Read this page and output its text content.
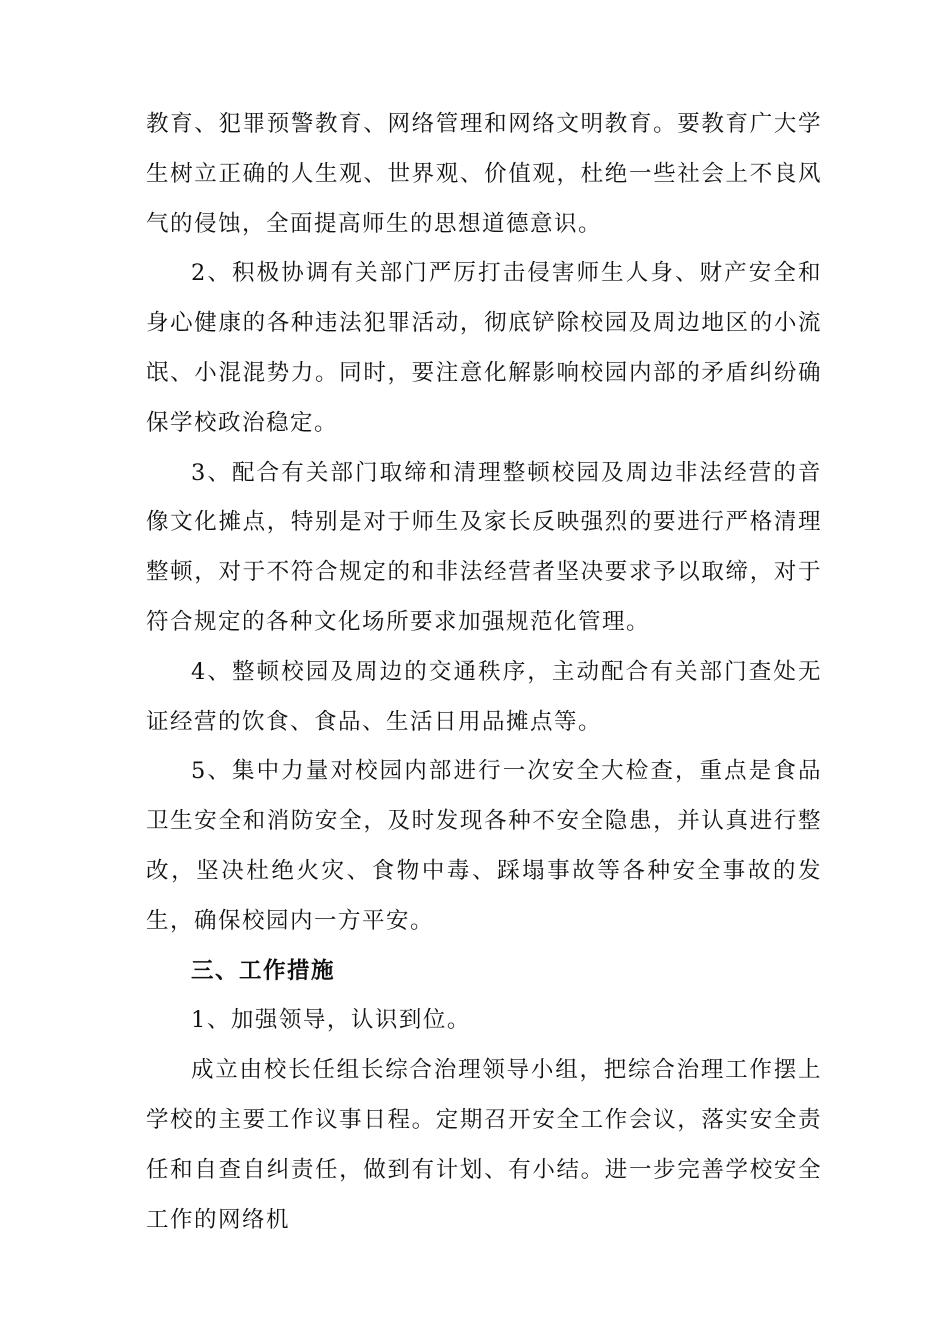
教育、犯罪预警教育、网络管理和网络文明教育。要教育广大学生树立正确的人生观、世界观、价值观，杜绝一些社会上不良风气的侵蚀，全面提高师生的思想道德意识。

2、积极协调有关部门严厉打击侵害师生人身、财产安全和身心健康的各种违法犯罪活动，彻底铲除校园及周边地区的小流氓、小混混势力。同时，要注意化解影响校园内部的矛盾纠纷确保学校政治稳定。

3、配合有关部门取缔和清理整顿校园及周边非法经营的音像文化摊点，特别是对于师生及家长反映强烈的要进行严格清理整顿，对于不符合规定的和非法经营者坚决要求予以取缔，对于符合规定的各种文化场所要求加强规范化管理。

4、整顿校园及周边的交通秩序，主动配合有关部门查处无证经营的饮食、食品、生活日用品摊点等。

5、集中力量对校园内部进行一次安全大检查，重点是食品卫生安全和消防安全，及时发现各种不安全隐患，并认真进行整改，坚决杜绝火灾、食物中毒、踩塌事故等各种安全事故的发生，确保校园内一方平安。

三、工作措施

1、加强领导，认识到位。

成立由校长任组长综合治理领导小组，把综合治理工作摆上学校的主要工作议事日程。定期召开安全工作会议，落实安全责任和自查自纠责任，做到有计划、有小结。进一步完善学校安全工作的网络机
